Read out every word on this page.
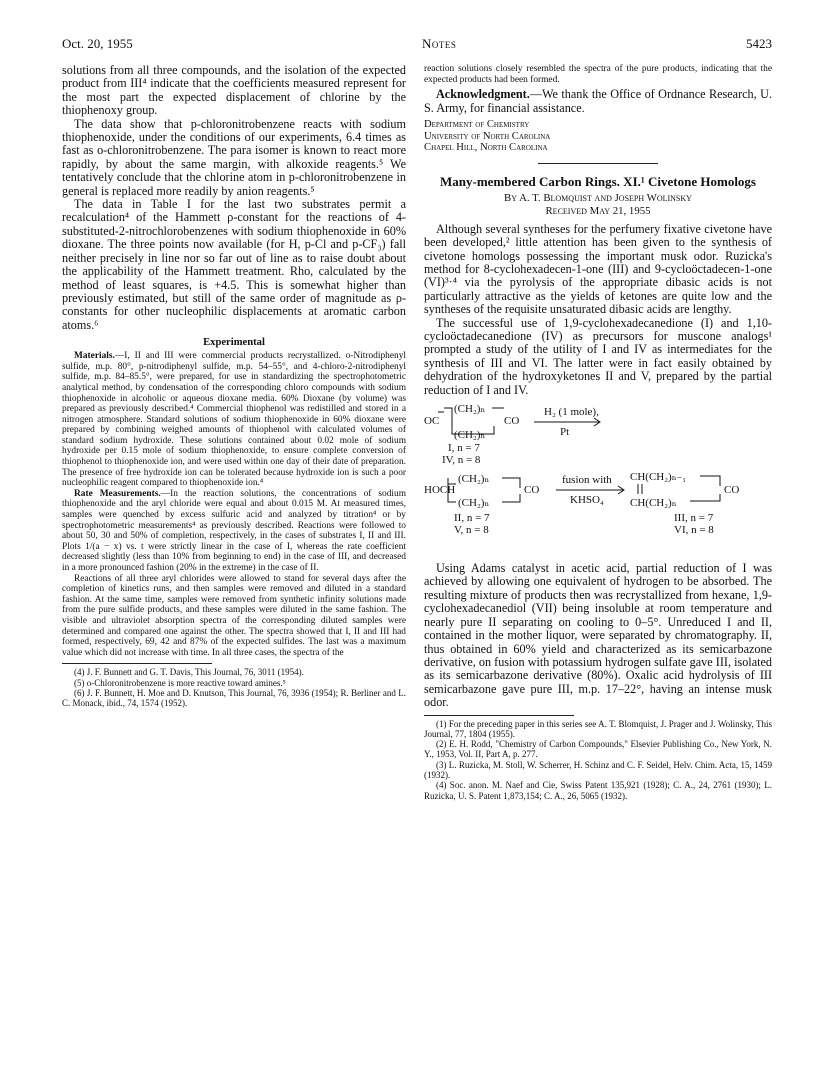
Oct. 20, 1955	Notes	5423

solutions from all three compounds, and the isolation of the expected product from III⁴ indicate that the coefficients measured represent for the most part the expected displacement of chlorine by the thiophenoxy group.

The data show that p-chloronitrobenzene reacts with sodium thiophenoxide, under the conditions of our experiments, 6.4 times as fast as o-chloronitrobenzene. The para isomer is known to react more rapidly, by about the same margin, with alkoxide reagents.⁵ We tentatively conclude that the chlorine atom in p-chloronitrobenzene in general is replaced more readily by anion reagents.⁵

The data in Table I for the last two substrates permit a recalculation⁴ of the Hammett ρ-constant for the reactions of 4-substituted-2-nitrochlorobenzenes with sodium thiophenoxide in 60% dioxane. The three points now available (for H, p-Cl and p-CF₃) fall neither precisely in line nor so far out of line as to raise doubt about the applicability of the Hammett treatment. Rho, calculated by the method of least squares, is +4.5. This is somewhat higher than previously estimated, but still of the same order of magnitude as ρ-constants for other nucleophilic displacements at aromatic carbon atoms.⁶

Experimental

Materials.—I, II and III were commercial products recrystallized. o-Nitrodiphenyl sulfide, m.p. 80°, p-nitrodiphenyl sulfide, m.p. 54–55°, and 4-chloro-2-nitrodiphenyl sulfide, m.p. 84–85.5°, were prepared, for use in standardizing the spectrophotometric analytical method, by condensation of the corresponding chloro compounds with sodium thiophenoxide in alcoholic or aqueous dioxane media. 60% Dioxane (by volume) was prepared as previously described.⁴ Commercial thiophenol was redistilled and stored in a nitrogen atmosphere. Standard solutions of sodium thiophenoxide in 60% dioxane were prepared by combining weighed amounts of thiophenol with calculated volumes of standard sodium hydroxide. These solutions contained about 0.02 mole of sodium hydroxide per 0.15 mole of sodium thiophenoxide, to ensure complete conversion of thiophenol to thiophenoxide ion, and were used within one day of their date of preparation. The presence of free hydroxide ion can be tolerated because hydroxide ion is such a poor nucleophilic reagent compared to thiophenoxide ion.⁴

Rate Measurements.—In the reaction solutions, the concentrations of sodium thiophenoxide and the aryl chloride were equal and about 0.015 M. At measured times, samples were quenched by excess sulfuric acid and analyzed by titration⁴ or by spectrophotometric measurements⁴ as previously described. Reactions were followed to about 50, 30 and 50% of completion, respectively, in the cases of substrates I, II and III. Plots 1/(a − x) vs. t were strictly linear in the case of I, whereas the rate coefficient decreased slightly (less than 10% from beginning to end) in the case of III, and decreased in a more pronounced fashion (20% in the extreme) in the case of II.

Reactions of all three aryl chlorides were allowed to stand for several days after the completion of kinetics runs, and then samples were removed and diluted in a standard fashion. At the same time, samples were removed from synthetic infinity solutions made from the pure sulfide products, and these samples were diluted in the same fashion. The visible and ultraviolet absorption spectra of the corresponding diluted samples were determined and compared one against the other. The spectra showed that I, II and III had formed, respectively, 69, 42 and 87% of the expected sulfides. The last was a maximum value which did not increase with time. In all three cases, the spectra of the

(4) J. F. Bunnett and G. T. Davis, This Journal, 76, 3011 (1954).

(5) o-Chloronitrobenzene is more reactive toward amines.⁵

(6) J. F. Bunnett, H. Moe and D. Knutson, This Journal, 76, 3936 (1954); R. Berliner and L. C. Monack, ibid., 74, 1574 (1952).

reaction solutions closely resembled the spectra of the pure products, indicating that the expected products had been formed.

Acknowledgment.—We thank the Office of Ordnance Research, U. S. Army, for financial assistance.

Department of Chemistry
University of North Carolina
Chapel Hill, North Carolina
Many-membered Carbon Rings. XI.¹ Civetone Homologs
By A. T. Blomquist and Joseph Wolinsky
Received May 21, 1955

Although several syntheses for the perfumery fixative civetone have been developed,² little attention has been given to the synthesis of civetone homologs possessing the important musk odor. Ruzicka's method for 8-cyclohexadecen-1-one (III) and 9-cycloöctadecen-1-one (VI)³·⁴ via the pyrolysis of the appropriate dibasic acids is not particularly attractive as the yields of ketones are quite low and the syntheses of the requisite unsaturated dibasic acids are lengthy.

The successful use of 1,9-cyclohexadecanedione (I) and 1,10-cycloöctadecanedione (IV) as precursors for muscone analogs¹ prompted a study of the utility of I and IV as intermediates for the synthesis of III and VI. The latter were in fact easily obtained by dehydration of the hydroxyketones II and V, prepared by the partial reduction of I and IV.

OC
(CH₂)ₙ
(CH₂)ₙ
CO
H₂ (1 mole),
Pt
I, n = 7
IV, n = 8
HOCH
(CH₂)ₙ
(CH₂)ₙ
CO
fusion with
KHSO₄
CH(CH₂)ₙ₋₁
CH(CH₂)ₙ
CO
II, n = 7
V, n = 8
III, n = 7
VI, n = 8

Using Adams catalyst in acetic acid, partial reduction of I was achieved by allowing one equivalent of hydrogen to be absorbed. The resulting mixture of products then was recrystallized from hexane, 1,9-cyclohexadecanediol (VII) being insoluble at room temperature and nearly pure II separating on cooling to 0–5°. Unreduced I and II, contained in the mother liquor, were separated by chromatography. II, thus obtained in 60% yield and characterized as its semicarbazone derivative, on fusion with potassium hydrogen sulfate gave III, isolated as its semicarbazone derivative (80%). Oxalic acid hydrolysis of III semicarbazone gave pure III, m.p. 17–22°, having an intense musk odor.

(1) For the preceding paper in this series see A. T. Blomquist, J. Prager and J. Wolinsky, This Journal, 77, 1804 (1955).

(2) E. H. Rodd, "Chemistry of Carbon Compounds," Elsevier Publishing Co., New York, N. Y., 1953, Vol. II, Part A, p. 277.

(3) L. Ruzicka, M. Stoll, W. Scherrer, H. Schinz and C. F. Seidel, Helv. Chim. Acta, 15, 1459 (1932).

(4) Soc. anon. M. Naef and Cie, Swiss Patent 135,921 (1928); C. A., 24, 2761 (1930); L. Ruzicka, U. S. Patent 1,873,154; C. A., 26, 5065 (1932).
